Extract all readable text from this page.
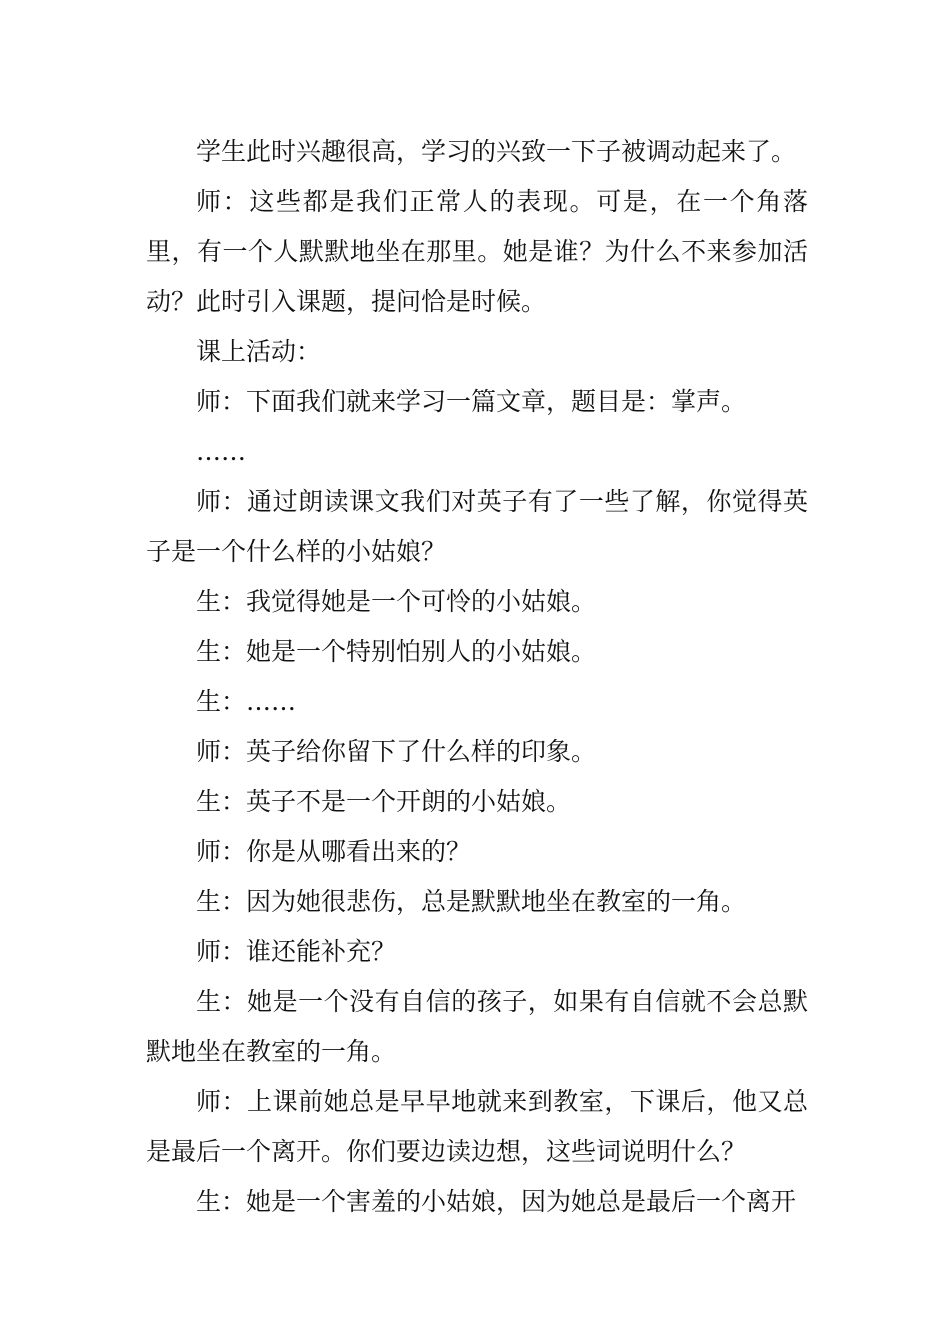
学生此时兴趣很高，学习的兴致一下子被调动起来了。

师：这些都是我们正常人的表现。可是，在一个角落里，有一个人默默地坐在那里。她是谁？为什么不来参加活动？此时引入课题，提问恰是时候。

课上活动：

师：下面我们就来学习一篇文章，题目是：掌声。

……

师：通过朗读课文我们对英子有了一些了解，你觉得英子是一个什么样的小姑娘？

生：我觉得她是一个可怜的小姑娘。

生：她是一个特别怕别人的小姑娘。

生：……

师：英子给你留下了什么样的印象。

生：英子不是一个开朗的小姑娘。

师：你是从哪看出来的？

生：因为她很悲伤，总是默默地坐在教室的一角。

师：谁还能补充？

生：她是一个没有自信的孩子，如果有自信就不会总默默地坐在教室的一角。

师：上课前她总是早早地就来到教室，下课后，他又总是最后一个离开。你们要边读边想，这些词说明什么？

生：她是一个害羞的小姑娘，因为她总是最后一个离开
